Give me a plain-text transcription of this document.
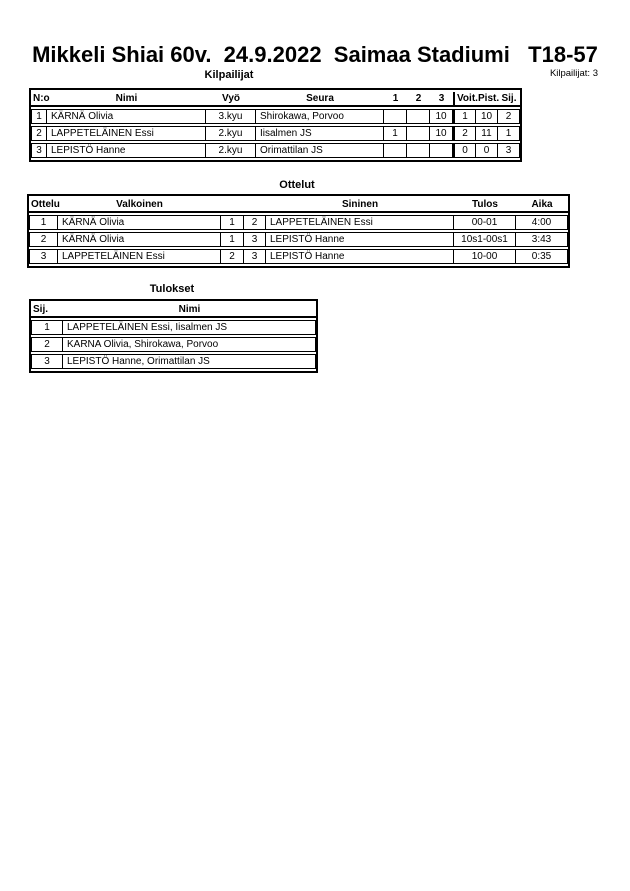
Mikkeli Shiai 60v.  24.9.2022  Saimaa Stadiumi   T18-57
Kilpailijat: 3
Kilpailijat
N:o	Nimi	Vyö	Seura	1	2	3	Voit.	Pist.	Sij.
1	KÄRNÄ Olivia	3.kyu	Shirokawa, Porvoo			10	1	10	2
2	LAPPETELÄINEN Essi	2.kyu	Iisalmen JS	1		10	2	11	1
3	LEPISTÖ Hanne	2.kyu	Orimattilan JS				0	0	3
Ottelut
Ottelu	Valkoinen			Sininen	Tulos	Aika
1	KÄRNÄ Olivia	1	2	LAPPETELÄINEN Essi	00-01	4:00
2	KÄRNÄ Olivia	1	3	LEPISTÖ Hanne	10s1-00s1	3:43
3	LAPPETELÄINEN Essi	2	3	LEPISTÖ Hanne	10-00	0:35
Tulokset
Sij.	Nimi
1	LAPPETELÄINEN Essi, Iisalmen JS
2	KARNA Olivia, Shirokawa, Porvoo
3	LEPISTÖ Hanne, Orimattilan JS
